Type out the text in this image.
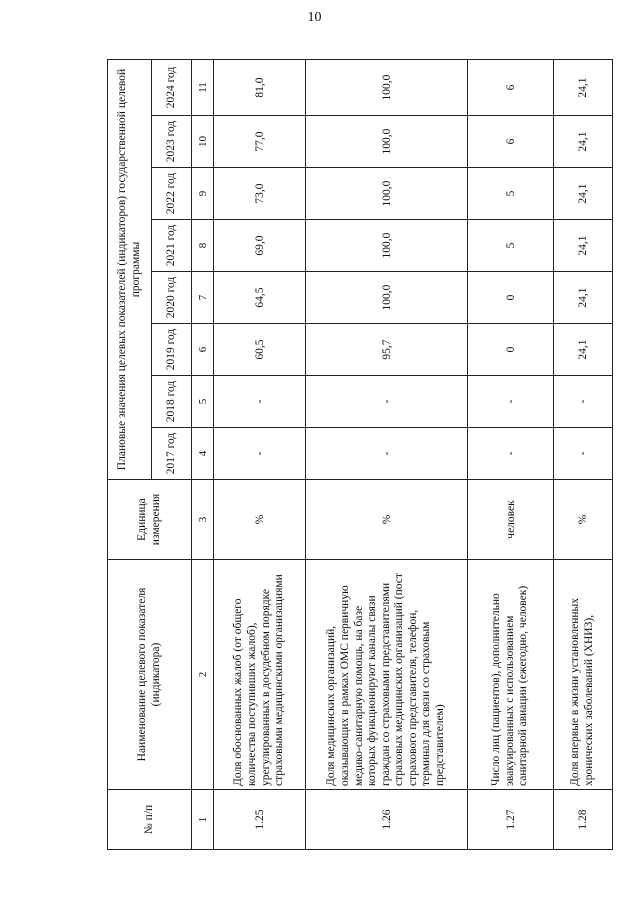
10
№ п/п	Наименование целевого показателя (индикатора)	Единица измерения	Плановые значения целевых показателей (индикаторов) государственной целевой программы							
			2017 год	2018 год	2019 год	2020 год	2021 год	2022 год	2023 год	2024 год
1	2	3	4	5	6	7	8	9	10	11
1.25	Доля обоснованных жалоб (от общего количества поступивших жалоб), урегулированных в досудебном порядке страховыми медицинскими организациями	%	-	-	60,5	64,5	69,0	73,0	77,0	81,0
1.26	Доля медицинских организаций, оказывающих в рамках ОМС первичную медико-санитарную помощь, на базе которых функционируют каналы связи граждан со страховыми представителями страховых медицинских организаций (пост страхового представителя, телефон, терминал для связи со страховым представителем)	%	-	-	95,7	100,0	100,0	100,0	100,0	100,0
1.27	Число лиц (пациентов), дополнительно эвакуированных с использованием санитарной авиации (ежегодно, человек)	человек	-	-	0	0	5	5	6	6
1.28	Доля впервые в жизни установленных хронических заболеваний (ХНИЗ),	%	-	-	24,1	24,1	24,1	24,1	24,1	24,1
